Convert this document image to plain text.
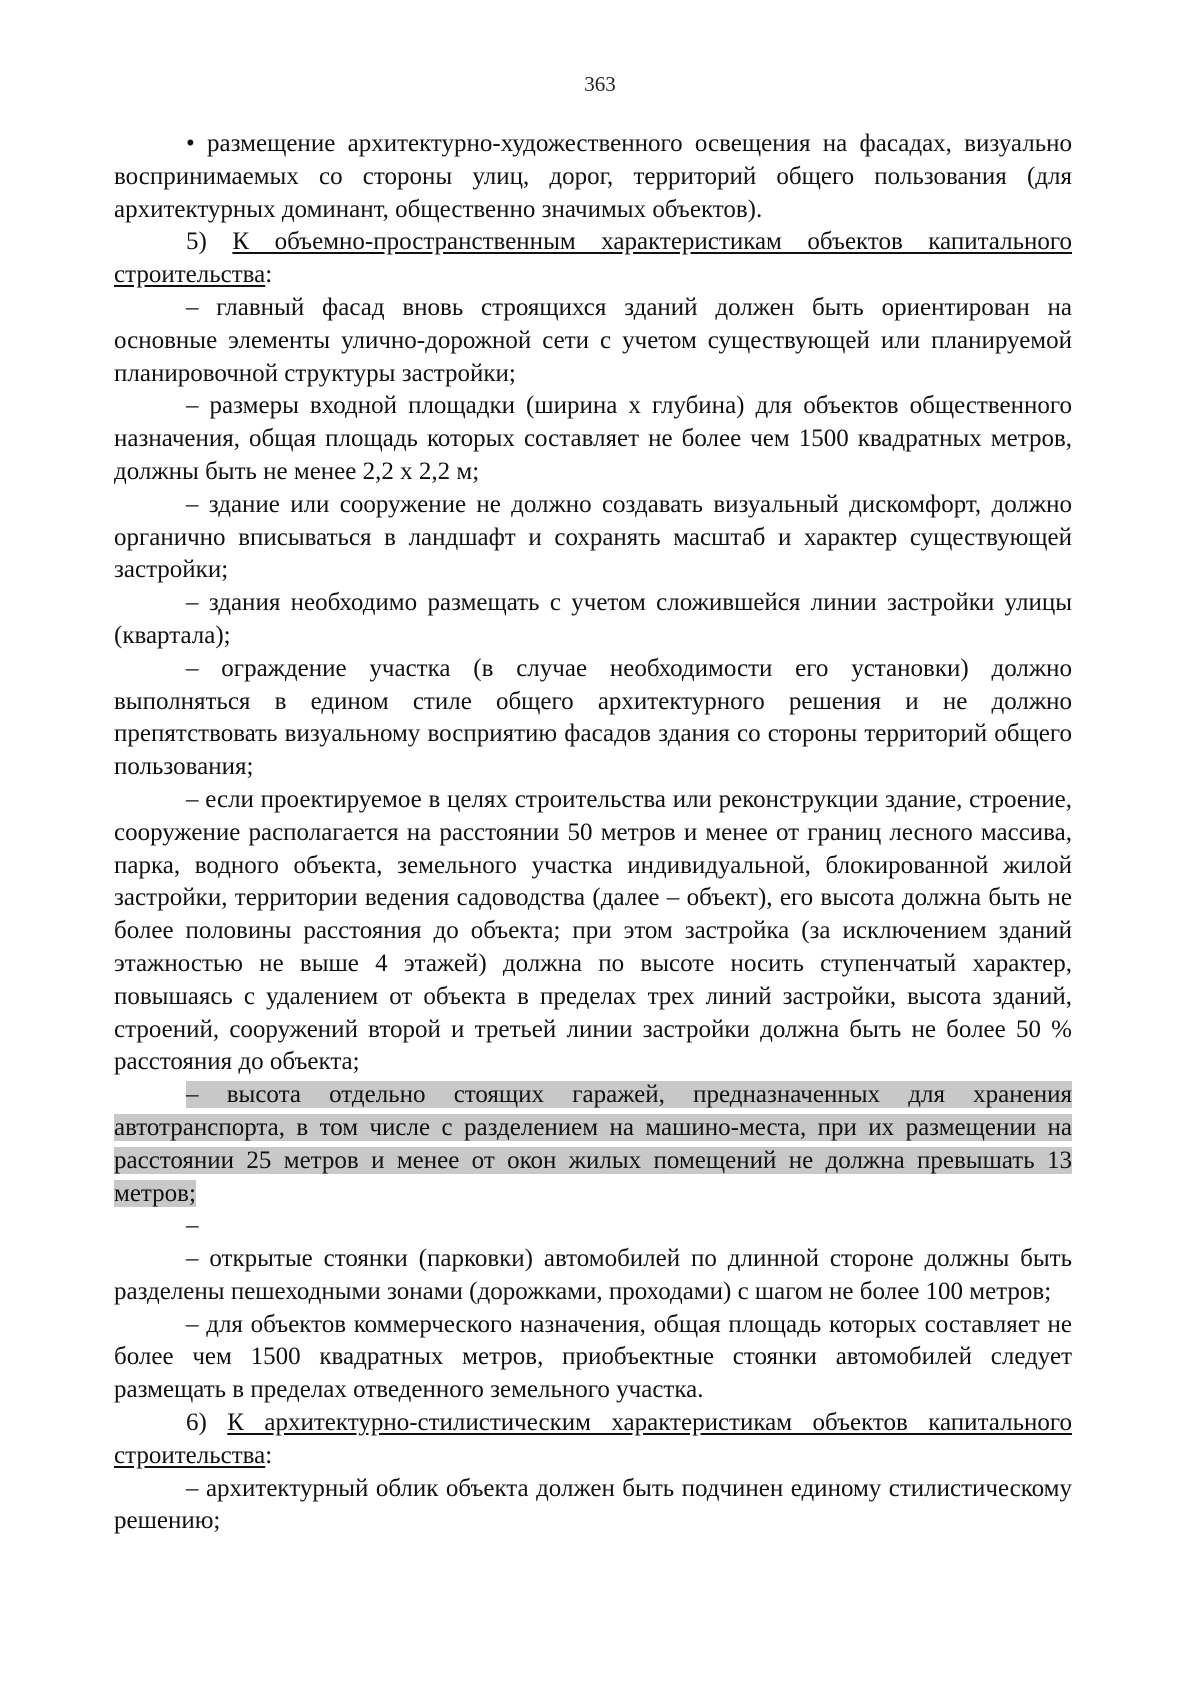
363

• размещение архитектурно-художественного освещения на фасадах, визуально воспринимаемых со стороны улиц, дорог, территорий общего пользования (для архитектурных доминант, общественно значимых объектов).

5) К объемно-пространственным характеристикам объектов капитального строительства:

– главный фасад вновь строящихся зданий должен быть ориентирован на основные элементы улично-дорожной сети с учетом существующей или планируемой планировочной структуры застройки;

– размеры входной площадки (ширина х глубина) для объектов общественного назначения, общая площадь которых составляет не более чем 1500 квадратных метров, должны быть не менее 2,2 х 2,2 м;

– здание или сооружение не должно создавать визуальный дискомфорт, должно органично вписываться в ландшафт и сохранять масштаб и характер существующей застройки;

– здания необходимо размещать с учетом сложившейся линии застройки улицы (квартала);

– ограждение участка (в случае необходимости его установки) должно выполняться в едином стиле общего архитектурного решения и не должно препятствовать визуальному восприятию фасадов здания со стороны территорий общего пользования;

– если проектируемое в целях строительства или реконструкции здание, строение, сооружение располагается на расстоянии 50 метров и менее от границ лесного массива, парка, водного объекта, земельного участка индивидуальной, блокированной жилой застройки, территории ведения садоводства (далее – объект), его высота должна быть не более половины расстояния до объекта; при этом застройка (за исключением зданий этажностью не выше 4 этажей) должна по высоте носить ступенчатый характер, повышаясь с удалением от объекта в пределах трех линий застройки, высота зданий, строений, сооружений второй и третьей линии застройки должна быть не более 50 % расстояния до объекта;

– высота отдельно стоящих гаражей, предназначенных для хранения автотранспорта, в том числе с разделением на машино-места, при их размещении на расстоянии 25 метров и менее от окон жилых помещений не должна превышать 13 метров;

–

– открытые стоянки (парковки) автомобилей по длинной стороне должны быть разделены пешеходными зонами (дорожками, проходами) с шагом не более 100 метров;

– для объектов коммерческого назначения, общая площадь которых составляет не более чем 1500 квадратных метров, приобъектные стоянки автомобилей следует размещать в пределах отведенного земельного участка.

6) К архитектурно-стилистическим характеристикам объектов капитального строительства:

– архитектурный облик объекта должен быть подчинен единому стилистическому решению;
